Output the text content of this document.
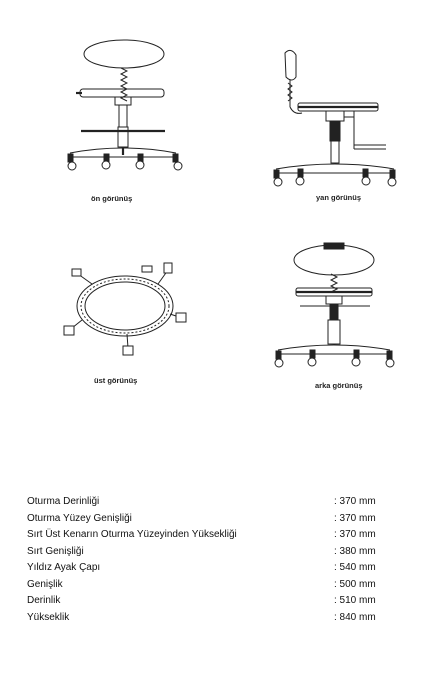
ön görünüş	yan görünüş
üst görünüş
arka görünüş
Oturma Derinliği	: 370 mm
Oturma Yüzey Genişliği	: 370 mm
Sırt Üst Kenarın Oturma Yüzeyinden Yüksekliği	: 370 mm
Sırt Genişliği	: 380 mm
Yıldız Ayak Çapı	: 540 mm
Genişlik	: 500 mm
Derinlik	: 510 mm
Yükseklik	: 840 mm
